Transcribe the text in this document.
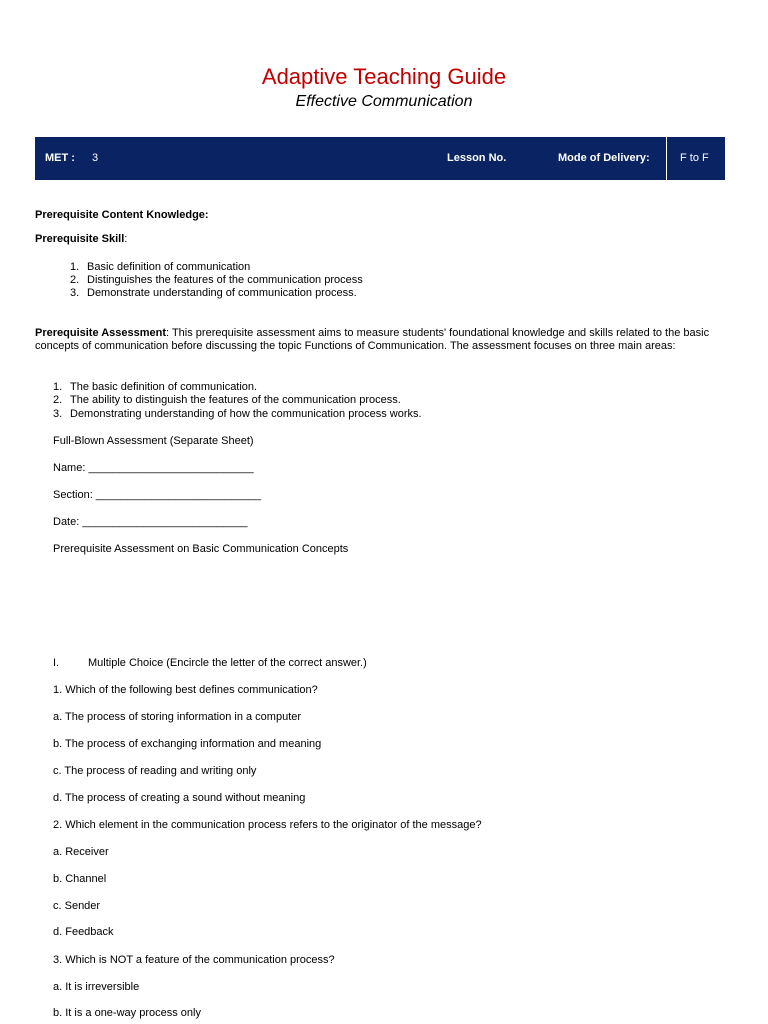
Adaptive Teaching Guide
Effective Communication
MET : 3	Lesson No.	Mode of Delivery:	F to F
Prerequisite Content Knowledge:
Prerequisite Skill:
1. Basic definition of communication
2. Distinguishes the features of the communication process
3. Demonstrate understanding of communication process.
Prerequisite Assessment: This prerequisite assessment aims to measure students' foundational knowledge and skills related to the basic concepts of communication before discussing the topic Functions of Communication. The assessment focuses on three main areas:
1. The basic definition of communication.
2. The ability to distinguish the features of the communication process.
3. Demonstrating understanding of how the communication process works.
Full-Blown Assessment (Separate Sheet)
Name: ___________________________
Section: ___________________________
Date: ___________________________
Prerequisite Assessment on Basic Communication Concepts
I.	Multiple Choice (Encircle the letter of the correct answer.)
1. Which of the following best defines communication?
a. The process of storing information in a computer
b. The process of exchanging information and meaning
c. The process of reading and writing only
d. The process of creating a sound without meaning
2. Which element in the communication process refers to the originator of the message?
a. Receiver
b. Channel
c. Sender
d. Feedback
3. Which is NOT a feature of the communication process?
a. It is irreversible
b. It is a one-way process only
